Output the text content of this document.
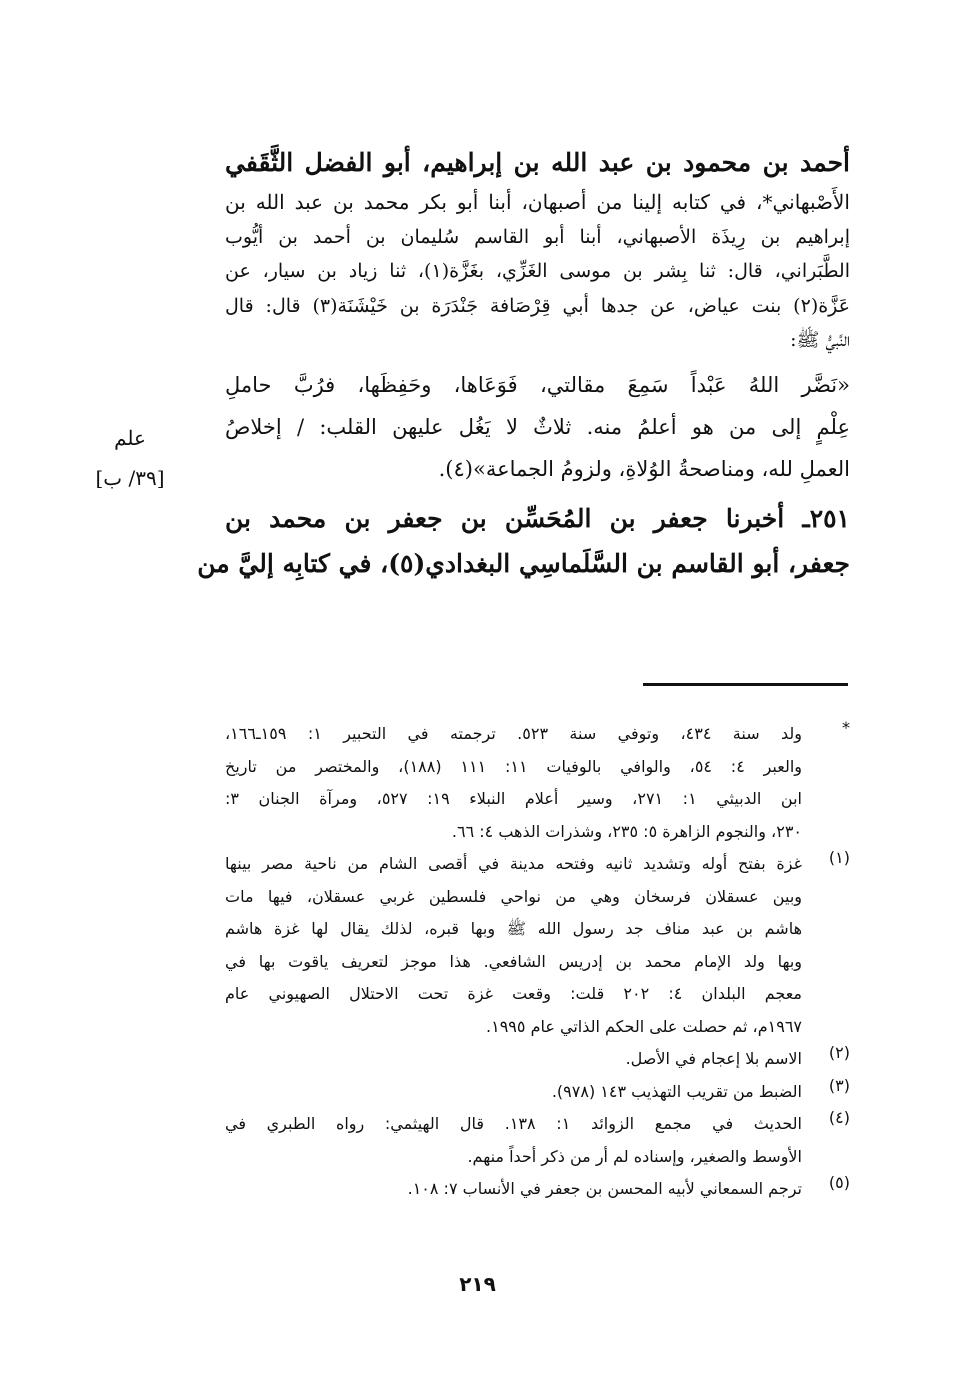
أحمد بن محمود بن عبد الله بن إبراهيم، أبو الفضل الثَّقَفي
الأَصْبهاني*، في كتابه إلينا من أصبهان، أبنا أبو بكر محمد بن عبد الله بن
إبراهيم بن رِيذَة الأصبهاني، أبنا أبو القاسم سُليمان بن أحمد بن أيُّوب
الطَّبَراني، قال: ثنا بِشر بن موسى الغَزِّي، بغَزَّة(١)، ثنا زياد بن سيار، عن
عَزَّة(٢) بنت عياض، عن جدها أبي قِرْصَافة جَنْدَرَة بن خَيْشَنَة(٣) قال: قال
النَّبيُّ ﷺ:
«نَضَّر اللهُ عَبْداً سَمِعَ مقالتي، فَوَعَاها، وحَفِظَها، فرُبَّ حاملِ
عِلْمٍ إلى من هو أعلمُ منه. ثلاثٌ لا يَغُل عليهن القلب: / إخلاصُ
العملِ لله، ومناصحةُ الوُلاةِ، ولزومُ الجماعة»(٤).
٢٥١ـ أخبرنا جعفر بن المُحَسِّن بن جعفر بن محمد بن
جعفر، أبو القاسم بن السَّلَماسِي البغدادي(٥)، في كتابِه إليَّ من
علم
[٣٩/ ب]
*
ولد سنة ٤٣٤، وتوفي سنة ٥٢٣. ترجمته في التحبير ١: ١٥٩ـ١٦٦،
والعبر ٤: ٥٤، والوافي بالوفيات ١١: ١١١ (١٨٨)، والمختصر من تاريخ
ابن الدبيثي ١: ٢٧١، وسير أعلام النبلاء ١٩: ٥٢٧، ومرآة الجنان ٣:
٢٣٠، والنجوم الزاهرة ٥: ٢٣٥، وشذرات الذهب ٤: ٦٦.
(١)
غزة بفتح أوله وتشديد ثانيه وفتحه مدينة في أقصى الشام من ناحية مصر بينها
وبين عسقلان فرسخان وهي من نواحي فلسطين غربي عسقلان، فيها مات
هاشم بن عبد مناف جد رسول الله ﷺ وبها قبره، لذلك يقال لها غزة هاشم
وبها ولد الإمام محمد بن إدريس الشافعي. هذا موجز لتعريف ياقوت بها في
معجم البلدان ٤: ٢٠٢ قلت: وقعت غزة تحت الاحتلال الصهيوني عام
١٩٦٧م، ثم حصلت على الحكم الذاتي عام ١٩٩٥.
(٢)
الاسم بلا إعجام في الأصل.
(٣)
الضبط من تقريب التهذيب ١٤٣ (٩٧٨).
(٤)
الحديث في مجمع الزوائد ١: ١٣٨. قال الهيثمي: رواه الطبري في
الأوسط والصغير، وإسناده لم أر من ذكر أحداً منهم.
(٥)
ترجم السمعاني لأبيه المحسن بن جعفر في الأنساب ٧: ١٠٨.
٢١٩
